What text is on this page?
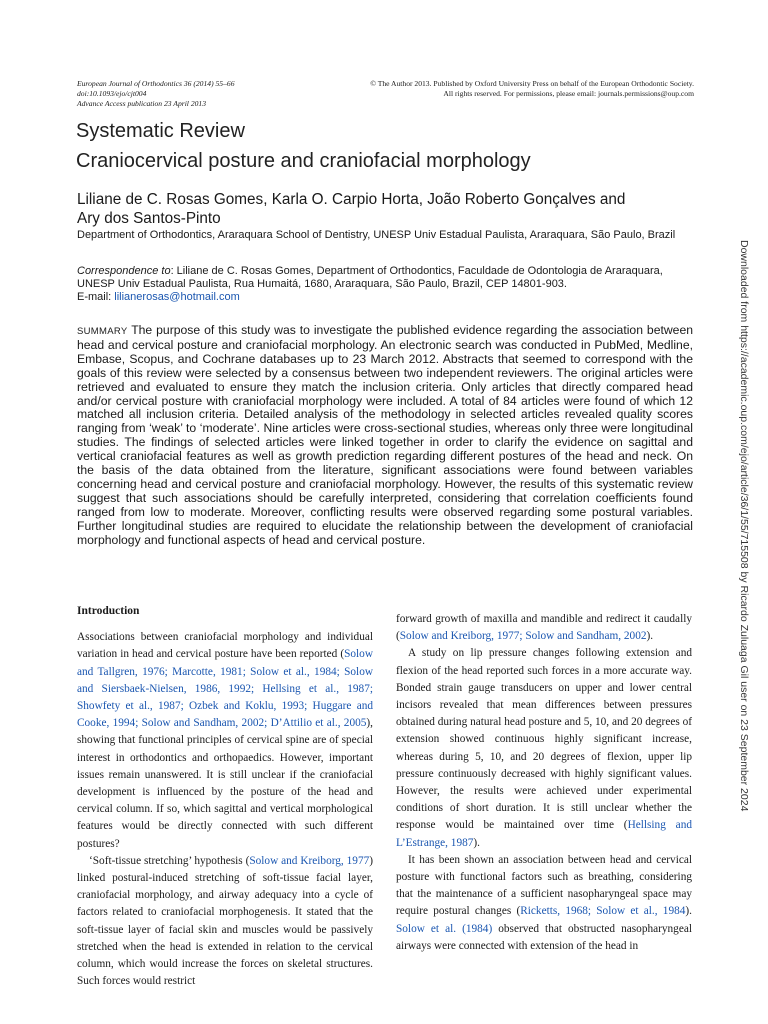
European Journal of Orthodontics 36 (2014) 55–66
doi:10.1093/ejo/cjt004
Advance Access publication 23 April 2013
© The Author 2013. Published by Oxford University Press on behalf of the European Orthodontic Society.
All rights reserved. For permissions, please email: journals.permissions@oup.com
Systematic Review
Craniocervical posture and craniofacial morphology
Liliane de C. Rosas Gomes, Karla O. Carpio Horta, João Roberto Gonçalves and
Ary dos Santos-Pinto
Department of Orthodontics, Araraquara School of Dentistry, UNESP Univ Estadual Paulista, Araraquara, São Paulo, Brazil
Correspondence to: Liliane de C. Rosas Gomes, Department of Orthodontics, Faculdade de Odontologia de Araraquara, UNESP Univ Estadual Paulista, Rua Humaitá, 1680, Araraquara, São Paulo, Brazil, CEP 14801-903.
E-mail: lilianerosas@hotmail.com
SUMMARY The purpose of this study was to investigate the published evidence regarding the association between head and cervical posture and craniofacial morphology. An electronic search was conducted in PubMed, Medline, Embase, Scopus, and Cochrane databases up to 23 March 2012. Abstracts that seemed to correspond with the goals of this review were selected by a consensus between two independent reviewers. The original articles were retrieved and evaluated to ensure they match the inclusion criteria. Only articles that directly compared head and/or cervical posture with craniofacial morphology were included. A total of 84 articles were found of which 12 matched all inclusion criteria. Detailed analysis of the methodology in selected articles revealed quality scores ranging from ‘weak’ to ‘moderate’. Nine articles were cross-sectional studies, whereas only three were longitudinal studies. The findings of selected articles were linked together in order to clarify the evidence on sagittal and vertical craniofacial features as well as growth prediction regarding different postures of the head and neck. On the basis of the data obtained from the literature, significant associations were found between variables concerning head and cervical posture and craniofacial morphology. However, the results of this systematic review suggest that such associations should be carefully interpreted, considering that correlation coefficients found ranged from low to moderate. Moreover, conflicting results were observed regarding some postural variables. Further longitudinal studies are required to elucidate the relationship between the development of craniofacial morphology and functional aspects of head and cervical posture.
Introduction

Associations between craniofacial morphology and individual variation in head and cervical posture have been reported (Solow and Tallgren, 1976; Marcotte, 1981; Solow et al., 1984; Solow and Siersbaek-Nielsen, 1986, 1992; Hellsing et al., 1987; Showfety et al., 1987; Ozbek and Koklu, 1993; Huggare and Cooke, 1994; Solow and Sandham, 2002; D’Attilio et al., 2005), showing that functional principles of cervical spine are of special interest in orthodontics and orthopaedics. However, important issues remain unanswered. It is still unclear if the craniofacial development is influenced by the posture of the head and cervical column. If so, which sagittal and vertical morphological features would be directly connected with such different postures?

‘Soft-tissue stretching’ hypothesis (Solow and Kreiborg, 1977) linked postural-induced stretching of soft-tissue facial layer, craniofacial morphology, and airway adequacy into a cycle of factors related to craniofacial morphogenesis. It stated that the soft-tissue layer of facial skin and muscles would be passively stretched when the head is extended in relation to the cervical column, which would increase the forces on skeletal structures. Such forces would restrict

forward growth of maxilla and mandible and redirect it caudally (Solow and Kreiborg, 1977; Solow and Sandham, 2002).

A study on lip pressure changes following extension and flexion of the head reported such forces in a more accurate way. Bonded strain gauge transducers on upper and lower central incisors revealed that mean differences between pressures obtained during natural head posture and 5, 10, and 20 degrees of extension showed continuous highly significant increase, whereas during 5, 10, and 20 degrees of flexion, upper lip pressure continuously decreased with highly significant values. However, the results were achieved under experimental conditions of short duration. It is still unclear whether the response would be maintained over time (Hellsing and L’Estrange, 1987).

It has been shown an association between head and cervical posture with functional factors such as breathing, considering that the maintenance of a sufficient nasopharyngeal space may require postural changes (Ricketts, 1968; Solow et al., 1984). Solow et al. (1984) observed that obstructed nasopharyngeal airways were connected with extension of the head in

Downloaded from https://academic.oup.com/ejo/article/36/1/55/715508 by Ricardo Zuluaga Gil user on 23 September 2024
